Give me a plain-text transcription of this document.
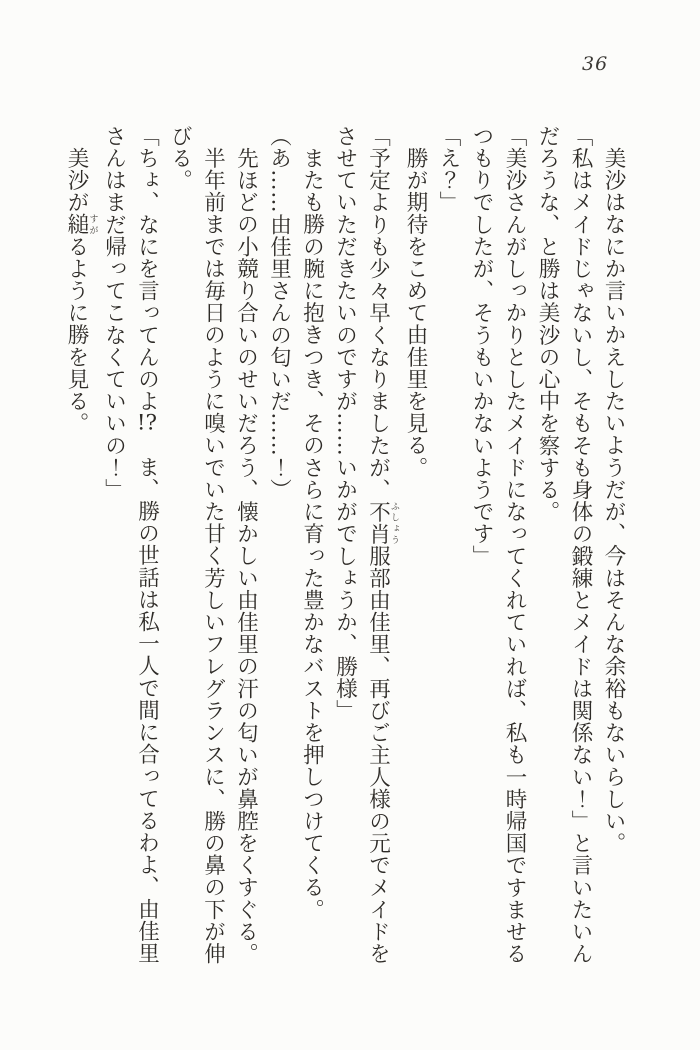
36
美沙はなにか言いかえしたいようだが、今はそんな余裕もないらしい。
「私はメイドじゃないし、そもそも身体の鍛練とメイドは関係ない！」と言いたいん
だろうな、と勝は美沙の心中を察する。
「美沙さんがしっかりとしたメイドになってくれていれば、私も一時帰国ですませる
つもりでしたが、そうもいかないようです」
「え？」
勝が期待をこめて由佳里を見る。
「予定よりも少々早くなりましたが、不肖ふしょう服部由佳里、再びご主人様の元でメイドを
させていただきたいのですが……いかがでしょうか、勝様」
またも勝の腕に抱きつき、そのさらに育った豊かなバストを押しつけてくる。
（あ……由佳里さんの匂いだ……！）
先ほどの小競り合いのせいだろう、懐かしい由佳里の汗の匂いが鼻腔をくすぐる。
半年前までは毎日のように嗅いでいた甘く芳しいフレグランスに、勝の鼻の下が伸
びる。
「ちょ、なにを言ってんのよ!?　ま、勝の世話は私一人で間に合ってるわよ、由佳里
さんはまだ帰ってこなくていいの！」
美沙が縋すがるように勝を見る。
